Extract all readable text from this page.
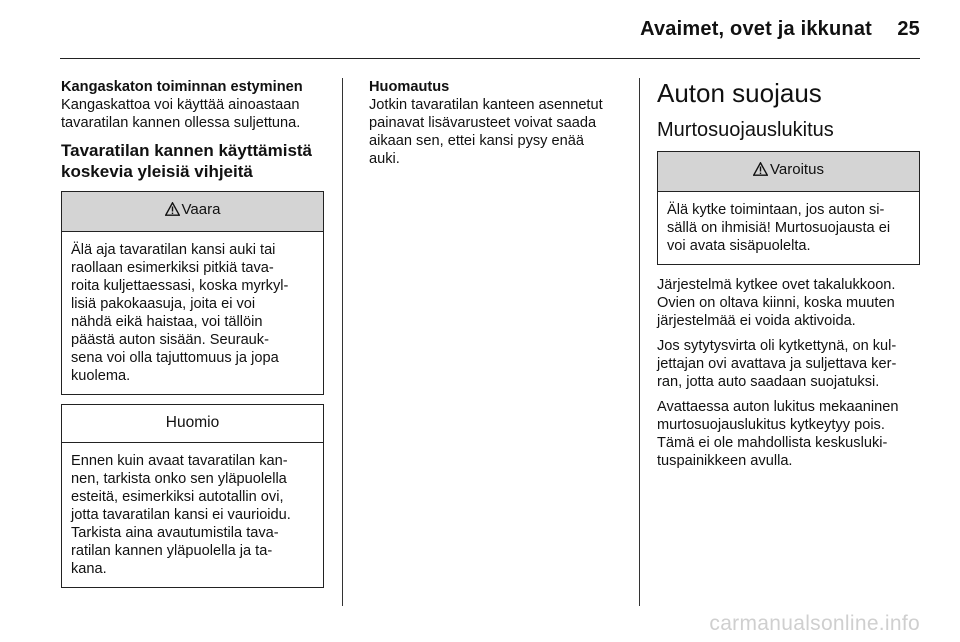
Avaimet, ovet ja ikkunat 25
Kangaskaton toiminnan estyminen
Kangaskattoa voi käyttää ainoastaan
tavaratilan kannen ollessa suljettuna.
Tavaratilan kannen käyttämistä
koskevia yleisiä vihjeitä
Vaara
Älä aja tavaratilan kansi auki tai
raollaan esimerkiksi pitkiä tava-
roita kuljettaessasi, koska myrkyl-
lisiä pakokaasuja, joita ei voi
nähdä eikä haistaa, voi tällöin
päästä auton sisään. Seurauk-
sena voi olla tajuttomuus ja jopa
kuolema.
Huomio
Ennen kuin avaat tavaratilan kan-
nen, tarkista onko sen yläpuolella
esteitä, esimerkiksi autotallin ovi,
jotta tavaratilan kansi ei vaurioidu.
Tarkista aina avautumistila tava-
ratilan kannen yläpuolella ja ta-
kana.
Huomautus
Jotkin tavaratilan kanteen asennetut
painavat lisävarusteet voivat saada
aikaan sen, ettei kansi pysy enää
auki.
Auton suojaus
Murtosuojauslukitus
Varoitus
Älä kytke toimintaan, jos auton si-
sällä on ihmisiä! Murtosuojausta ei
voi avata sisäpuolelta.
Järjestelmä kytkee ovet takalukkoon.
Ovien on oltava kiinni, koska muuten
järjestelmää ei voida aktivoida.
Jos sytytysvirta oli kytkettynä, on kul-
jettajan ovi avattava ja suljettava ker-
ran, jotta auto saadaan suojatuksi.
Avattaessa auton lukitus mekaaninen
murtosuojauslukitus kytkeytyy pois.
Tämä ei ole mahdollista keskusluki-
tuspainikkeen avulla.
carmanualsonline.info
